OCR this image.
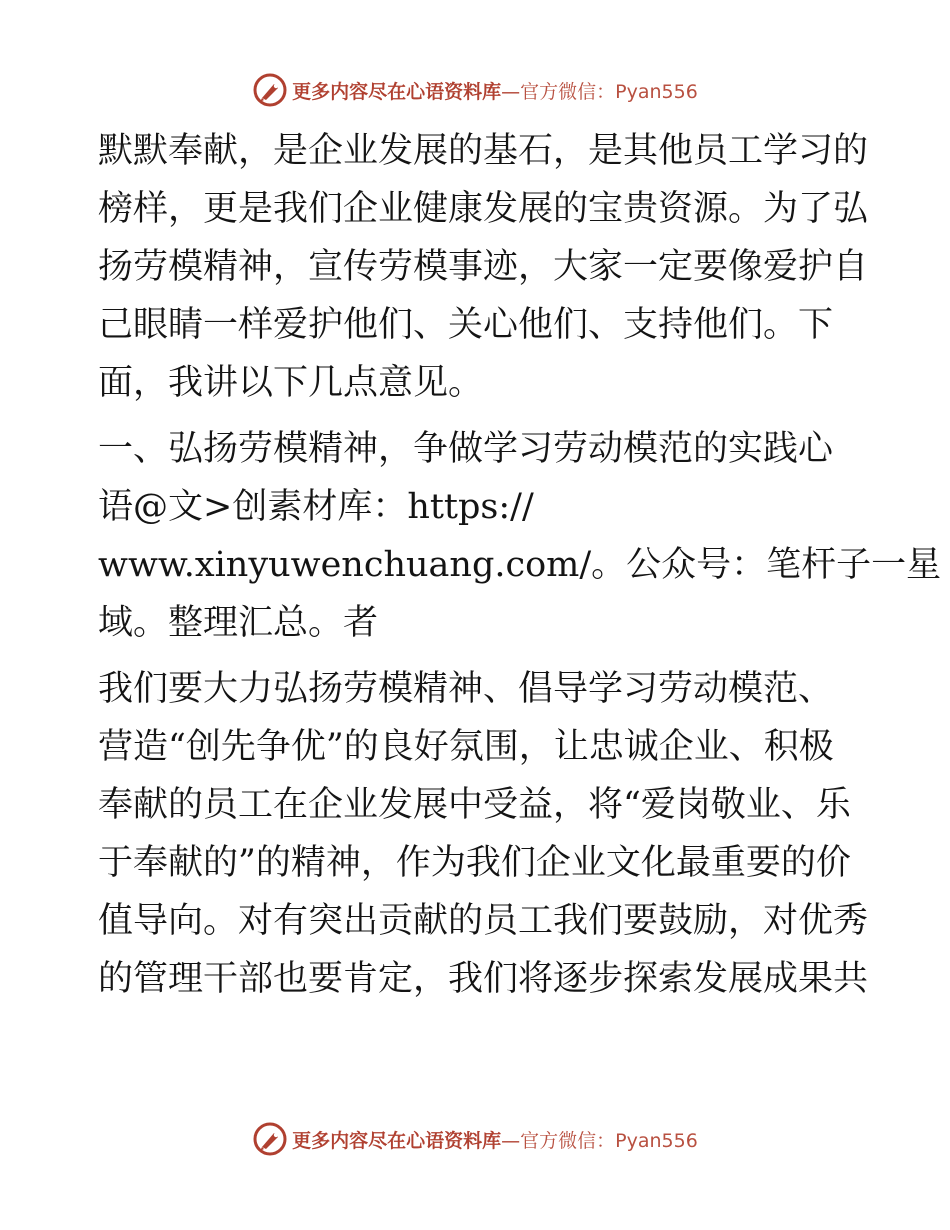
更多内容尽在心语资料库—官方微信：Pyan556
默默奉献，是企业发展的基石，是其他员工学习的
榜样，更是我们企业健康发展的宝贵资源。为了弘
扬劳模精神，宣传劳模事迹，大家一定要像爱护自
己眼睛一样爱护他们、关心他们、支持他们。下
面，我讲以下几点意见。
一、弘扬劳模精神，争做学习劳动模范的实践心
语@文>创素材库：https://
www.xinyuwenchuang.com/。公众号：笔杆子一星
域。整理汇总。者
我们要大力弘扬劳模精神、倡导学习劳动模范、
营造“创先争优”的良好氛围，让忠诚企业、积极
奉献的员工在企业发展中受益，将“爱岗敬业、乐
于奉献的”的精神，作为我们企业文化最重要的价
值导向。对有突出贡献的员工我们要鼓励，对优秀
的管理干部也要肯定，我们将逐步探索发展成果共
更多内容尽在心语资料库—官方微信：Pyan556
